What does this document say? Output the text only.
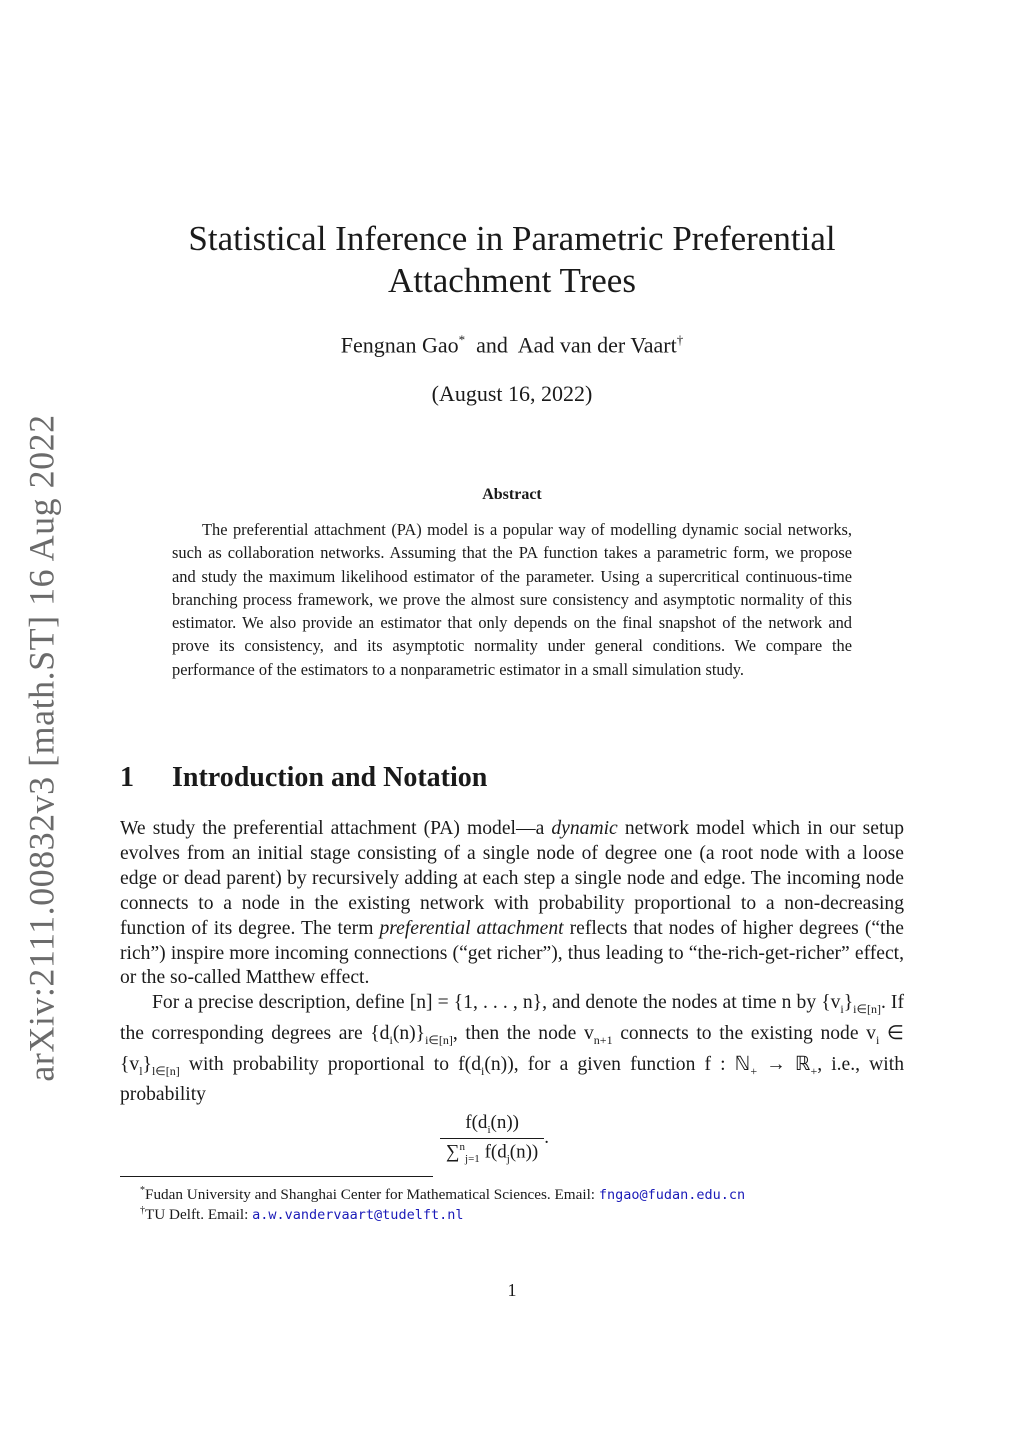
arXiv:2111.00832v3 [math.ST] 16 Aug 2022
Statistical Inference in Parametric Preferential Attachment Trees
Fengnan Gao* and Aad van der Vaart†
(August 16, 2022)
Abstract

The preferential attachment (PA) model is a popular way of modelling dynamic social networks, such as collaboration networks. Assuming that the PA function takes a parametric form, we propose and study the maximum likelihood estimator of the parameter. Using a supercritical continuous-time branching process framework, we prove the almost sure consistency and asymptotic normality of this estimator. We also provide an estimator that only depends on the final snapshot of the network and prove its consistency, and its asymptotic normality under general conditions. We compare the performance of the estimators to a nonparametric estimator in a small simulation study.

1 Introduction and Notation

We study the preferential attachment (PA) model—a dynamic network model which in our setup evolves from an initial stage consisting of a single node of degree one (a root node with a loose edge or dead parent) by recursively adding at each step a single node and edge. The incoming node connects to a node in the existing network with probability proportional to a non-decreasing function of its degree. The term preferential attachment reflects that nodes of higher degrees (“the rich”) inspire more incoming connections (“get richer”), thus leading to “the-rich-get-richer” effect, or the so-called Matthew effect.

For a precise description, define [n] = {1, . . . , n}, and denote the nodes at time n by $\{v_i\}_{i\in[n]}$. If the corresponding degrees are $\{d_i(n)\}_{i\in[n]}$, then the node $v_{n+1}$ connects to the existing node $v_i$ ∈ $\{v_l\}_{l\in[n]}$ with probability proportional to $f(d_i(n))$, for a given function f : ℕ$_+$ → ℝ$_+$, i.e., with probability

$\frac{f(d_i(n))}{\sum^n_{j=1} f(d_j(n))}$ .
*Fudan University and Shanghai Center for Mathematical Sciences. Email: fngao@fudan.edu.cn
†TU Delft. Email: a.w.vandervaart@tudelft.nl
1
